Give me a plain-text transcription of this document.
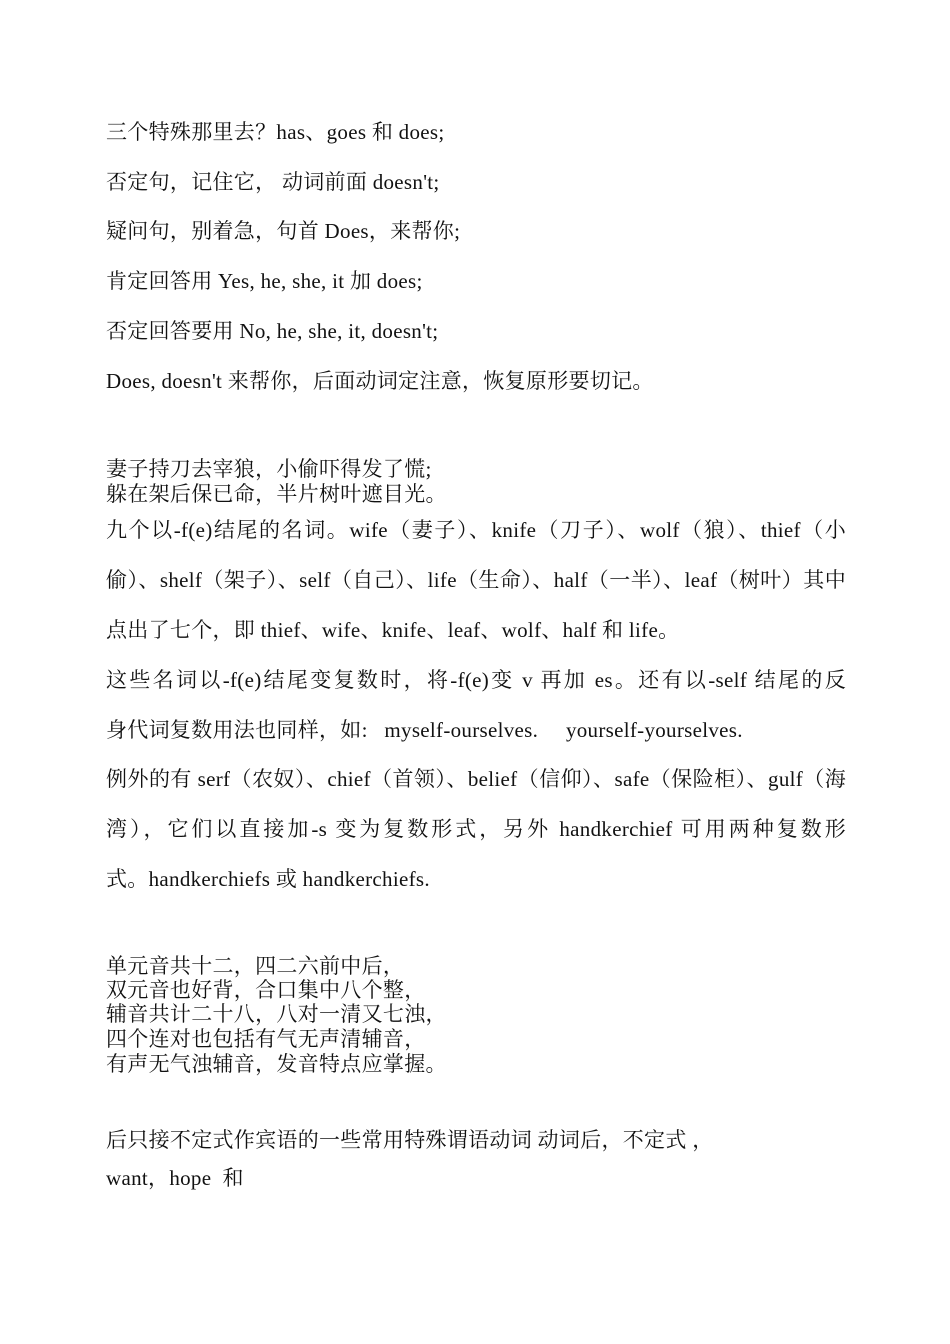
三个特殊那里去？has、goes 和 does;
否定句，记住它， 动词前面 doesn't;
疑问句，别着急，句首 Does，来帮你;
肯定回答用 Yes, he, she, it 加 does;
否定回答要用 No, he, she, it, doesn't;
Does, doesn't 来帮你，后面动词定注意，恢复原形要切记。
妻子持刀去宰狼，小偷吓得发了慌;
躲在架后保已命，半片树叶遮目光。
九个以-f(e)结尾的名词。wife（妻子）、knife（刀子）、wolf（狼）、thief（小
偷）、shelf（架子）、self（自己）、life（生命）、half（一半）、leaf（树叶）其中
点出了七个，即 thief、wife、knife、leaf、wolf、half 和 life。
这些名词以-f(e)结尾变复数时，将-f(e)变 v 再加 es。还有以-self 结尾的反
身代词复数用法也同样，如:   myself-ourselves.     yourself-yourselves.
例外的有 serf（农奴）、chief（首领）、belief（信仰）、safe（保险柜）、gulf（海
湾），它们以直接加-s 变为复数形式，另外 handkerchief 可用两种复数形
式。handkerchiefs 或 handkerchiefs.
单元音共十二，四二六前中后，
双元音也好背，合口集中八个整，
辅音共计二十八，八对一清又七浊，
四个连对也包括有气无声清辅音，
有声无气浊辅音，发音特点应掌握。
后只接不定式作宾语的一些常用特殊谓语动词 动词后，不定式 ，
want，hope  和
